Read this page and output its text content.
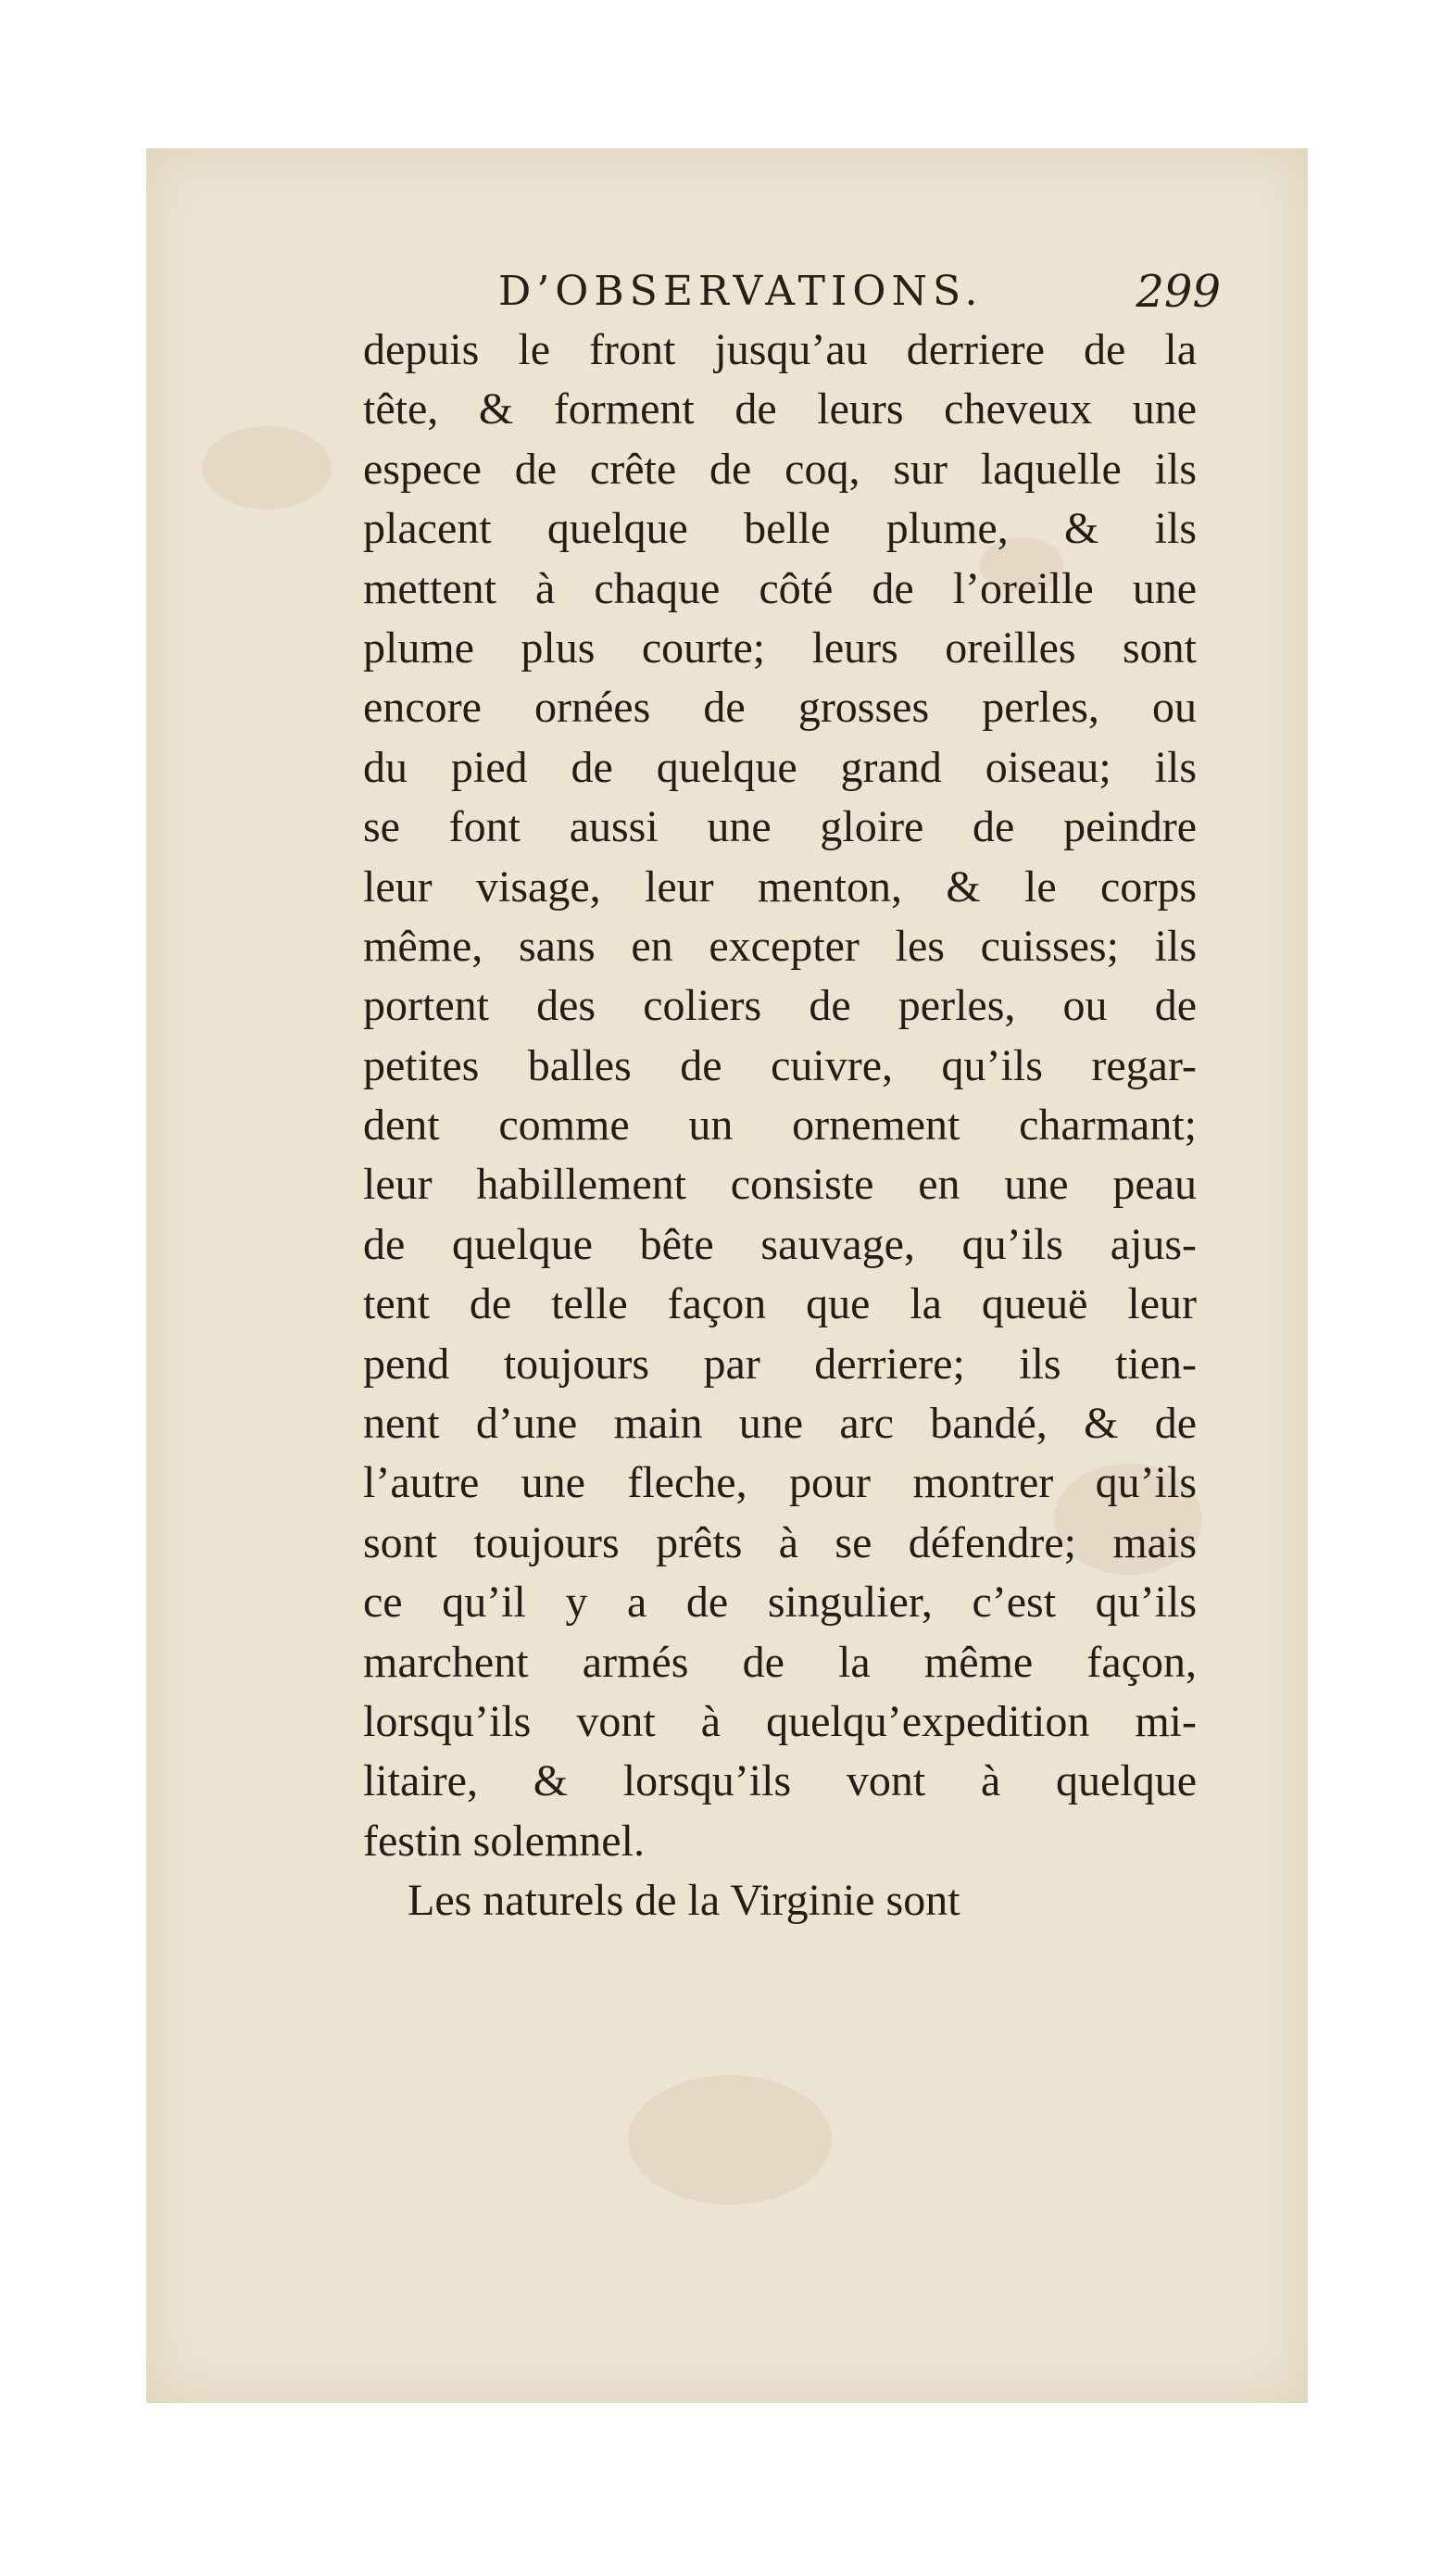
D’OBSERVATIONS.	299
depuis le front jusqu’au derriere de la
tête, & forment de leurs cheveux une
espece de crête de coq, sur laquelle ils
placent quelque belle plume, & ils
mettent à chaque côté de l’oreille une
plume plus courte; leurs oreilles sont
encore ornées de grosses perles, ou
du pied de quelque grand oiseau; ils
se font aussi une gloire de peindre
leur visage, leur menton, & le corps
même, sans en excepter les cuisses; ils
portent des coliers de perles, ou de
petites balles de cuivre, qu’ils regar-
dent comme un ornement charmant;
leur habillement consiste en une peau
de quelque bête sauvage, qu’ils ajus-
tent de telle façon que la queuë leur
pend toujours par derriere; ils tien-
nent d’une main une arc bandé, & de
l’autre une fleche, pour montrer qu’ils
sont toujours prêts à se défendre; mais
ce qu’il y a de singulier, c’est qu’ils
marchent armés de la même façon,
lorsqu’ils vont à quelqu’expedition mi-
litaire, & lorsqu’ils vont à quelque
festin solemnel.
Les naturels de la Virginie sont
